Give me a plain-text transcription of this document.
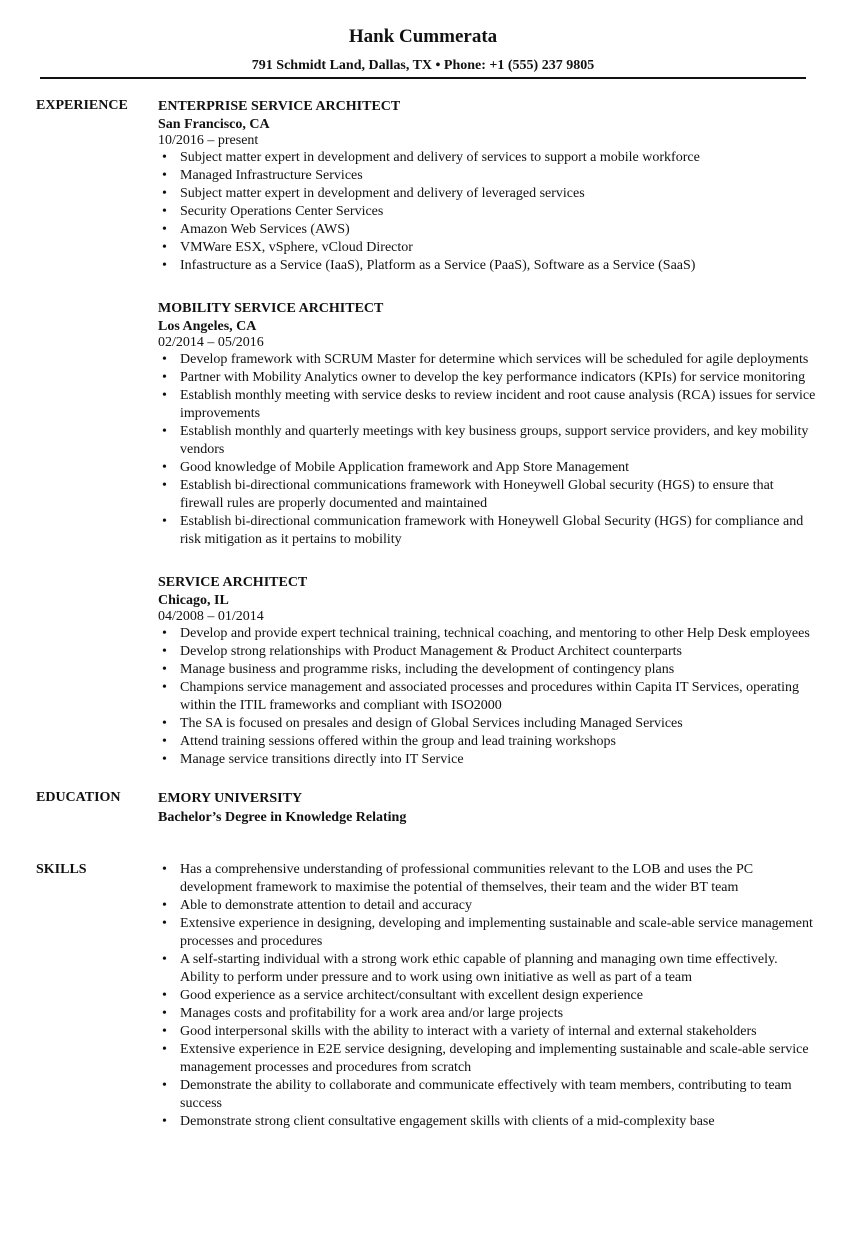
Hank Cummerata
791 Schmidt Land, Dallas, TX • Phone: +1 (555) 237 9805
EXPERIENCE	ENTERPRISE SERVICE ARCHITECT
San Francisco, CA
10/2016 – present
• Subject matter expert in development and delivery of services to support a mobile workforce
• Managed Infrastructure Services
• Subject matter expert in development and delivery of leveraged services
• Security Operations Center Services
• Amazon Web Services (AWS)
• VMWare ESX, vSphere, vCloud Director
• Infastructure as a Service (IaaS), Platform as a Service (PaaS), Software as a Service (SaaS)
MOBILITY SERVICE ARCHITECT
Los Angeles, CA
02/2014 – 05/2016
• Develop framework with SCRUM Master for determine which services will be scheduled for agile deployments
• Partner with Mobility Analytics owner to develop the key performance indicators (KPIs) for service monitoring
• Establish monthly meeting with service desks to review incident and root cause analysis (RCA) issues for service improvements
• Establish monthly and quarterly meetings with key business groups, support service providers, and key mobility vendors
• Good knowledge of Mobile Application framework and App Store Management
• Establish bi-directional communications framework with Honeywell Global security (HGS) to ensure that firewall rules are properly documented and maintained
• Establish bi-directional communication framework with Honeywell Global Security (HGS) for compliance and risk mitigation as it pertains to mobility
SERVICE ARCHITECT
Chicago, IL
04/2008 – 01/2014
• Develop and provide expert technical training, technical coaching, and mentoring to other Help Desk employees
• Develop strong relationships with Product Management & Product Architect counterparts
• Manage business and programme risks, including the development of contingency plans
• Champions service management and associated processes and procedures within Capita IT Services, operating within the ITIL frameworks and compliant with ISO2000
• The SA is focused on presales and design of Global Services including Managed Services
• Attend training sessions offered within the group and lead training workshops
• Manage service transitions directly into IT Service
EDUCATION	EMORY UNIVERSITY
Bachelor’s Degree in Knowledge Relating
SKILLS
•	Has a comprehensive understanding of professional communities relevant to the LOB and uses the PC development framework to maximise the potential of themselves, their team and the wider BT team
• Able to demonstrate attention to detail and accuracy
• Extensive experience in designing, developing and implementing sustainable and scale-able service management processes and procedures
• A self-starting individual with a strong work ethic capable of planning and managing own time effectively. Ability to perform under pressure and to work using own initiative as well as part of a team
• Good experience as a service architect/consultant with excellent design experience
• Manages costs and profitability for a work area and/or large projects
• Good interpersonal skills with the ability to interact with a variety of internal and external stakeholders
• Extensive experience in E2E service designing, developing and implementing sustainable and scale-able service management processes and procedures from scratch
• Demonstrate the ability to collaborate and communicate effectively with team members, contributing to team success
• Demonstrate strong client consultative engagement skills with clients of a mid-complexity base
